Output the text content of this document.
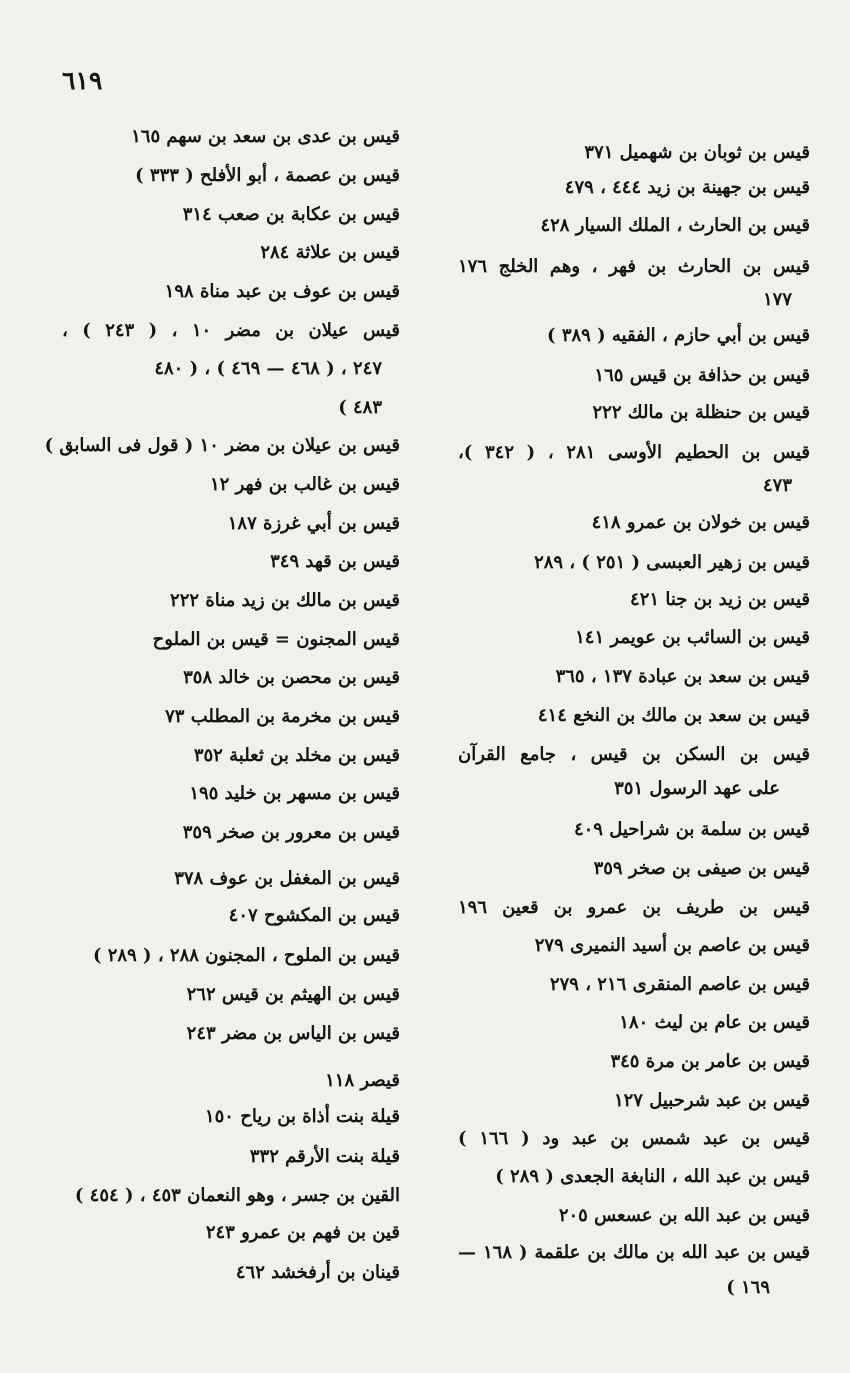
٦١٩
قيس بن ثوبان بن شهميل ٣٧١
قيس بن جهينة بن زيد ٤٤٤ ، ٤٧٩
قيس بن الحارث ، الملك السيار ٤٢٨
قيس بن الحارث بن فهر ، وهم الخلج ١٧٦
١٧٧
قيس بن أبي حازم ، الفقيه ( ٣٨٩ )
قيس بن حذافة بن قيس ١٦٥
قيس بن حنظلة بن مالك ٢٢٢
قيس بن الحطيم الأوسى ٢٨١ ، ( ٣٤٢ )،
٤٧٣
قيس بن خولان بن عمرو ٤١٨
قيس بن زهير العبسى ( ٢٥١ ) ، ٢٨٩
قيس بن زيد بن جنا ٤٢١
قيس بن السائب بن عويمر ١٤١
قيس بن سعد بن عبادة ١٣٧ ، ٣٦٥
قيس بن سعد بن مالك بن النخع ٤١٤
قيس بن السكن بن قيس ، جامع القرآن
على عهد الرسول ٣٥١
قيس بن سلمة بن شراحيل ٤٠٩
قيس بن صيفى بن صخر ٣٥٩
قيس بن طريف بن عمرو بن قعين ١٩٦
قيس بن عاصم بن أسيد النميرى ٢٧٩
قيس بن عاصم المنقرى ٢١٦ ، ٢٧٩
قيس بن عام بن ليث ١٨٠
قيس بن عامر بن مرة ٣٤٥
قيس بن عبد شرحبيل ١٢٧
قيس بن عبد شمس بن عبد ود ( ١٦٦ )
قيس بن عبد الله ، النابغة الجعدى ( ٢٨٩ )
قيس بن عبد الله بن عسعس ٢٠٥
قيس بن عبد الله بن مالك بن علقمة ( ١٦٨ —
١٦٩ )
قيس بن عدى بن سعد بن سهم ١٦٥
قيس بن عصمة ، أبو الأفلح ( ٣٣٣ )
قيس بن عكابة بن صعب ٣١٤
قيس بن علاثة ٢٨٤
قيس بن عوف بن عبد مناة ١٩٨
قيس عيلان بن مضر ١٠ ، ( ٢٤٣ ) ،
٢٤٧ ، ( ٤٦٨ — ٤٦٩ ) ، ( ٤٨٠
٤٨٣ )
قيس بن عيلان بن مضر ١٠ ( قول فى السابق )
قيس بن غالب بن فهر ١٢
قيس بن أبي غرزة ١٨٧
قيس بن قهد ٣٤٩
قيس بن مالك بن زيد مناة ٢٢٢
قيس المجنون = قيس بن الملوح
قيس بن محصن بن خالد ٣٥٨
قيس بن مخرمة بن المطلب ٧٣
قيس بن مخلد بن ثعلبة ٣٥٢
قيس بن مسهر بن خليد ١٩٥
قيس بن معرور بن صخر ٣٥٩
قيس بن المغفل بن عوف ٣٧٨
قيس بن المكشوح ٤٠٧
قيس بن الملوح ، المجنون ٢٨٨ ، ( ٢٨٩ )
قيس بن الهيثم بن قيس ٢٦٢
قيس بن الياس بن مضر ٢٤٣
قيصر ١١٨
قيلة بنت أذاة بن رياح ١٥٠
قيلة بنت الأرقم ٣٣٢
القين بن جسر ، وهو النعمان ٤٥٣ ، ( ٤٥٤ )
قين بن فهم بن عمرو ٢٤٣
قينان بن أرفخشد ٤٦٢
